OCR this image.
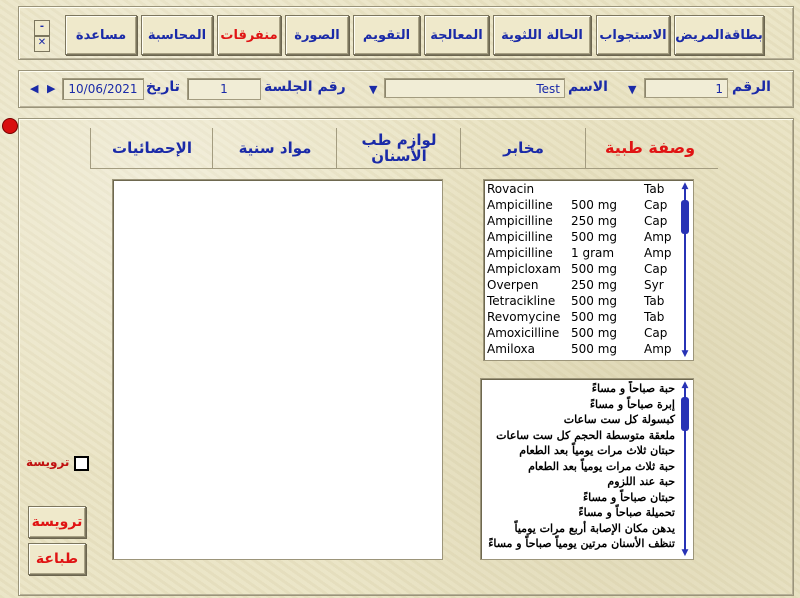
-
✕	بطاقةالمريض
الاستجواب
الحالة اللثوية
المعالجة
التقويم
الصورة
منفرقات
المحاسبة
مساعدة
الرقم
1
▼
الاسم
Test
▼
رقم الجلسة
1
تاريخ
10/06/2021
▶
◀
وصفة طبية
مخابر
لوازم طب الأسنان
مواد سنية
الإحصائيات
Rovacin	Tab
Ampicilline 500 mg Cap
Ampicilline 250 mg Cap
Ampicilline 500 mg Amp
Ampicilline 1 gram Amp
Ampicloxam 500 mg Cap
Overpen	250 mg Syr
Tetracikline 500 mg Tab
Revomycine 500 mg Tab
Amoxicilline 500 mg Cap
Amiloxa	500 mg Amp
▲
▼
حبة صباحاً و مساءً
إبرة صباحاً و مساءً
كبسولة كل ست ساعات
ملعقة متوسطة الحجم كل ست ساعات
حبتان ثلاث مرات يومياً بعد الطعام
حبة ثلاث مرات يومياً بعد الطعام
حبة عند اللزوم
حبتان صباحاً و مساءً
تحميلة صباحاً و مساءً
يدهن مكان الإصابة أربع مرات يومياً
تنظف الأسنان مرتين يومياً صباحاً و مساءً
▲
▼
ترويسة
ترويسة
طباعة
